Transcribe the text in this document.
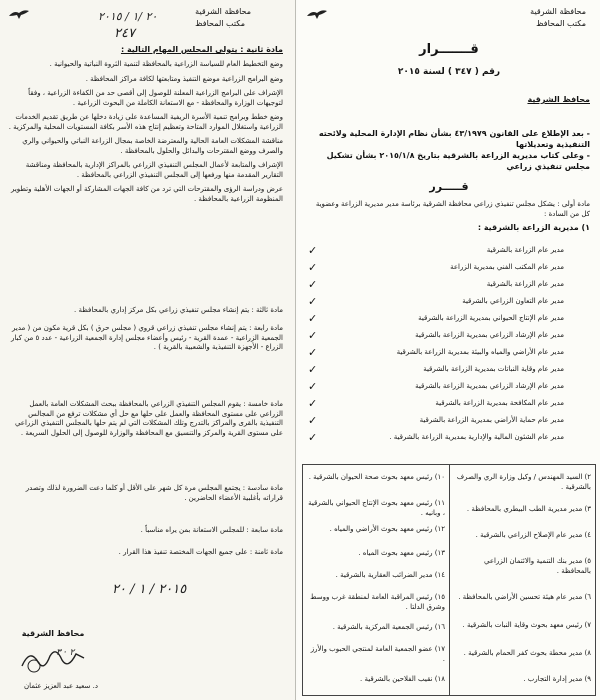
محافظة الشرقية
مكتب المحافظ
٢٠ /١ / ٢٠١٥
٢٤٧
مادة ثانية : يتولى المجلس المهام التالية :
وضع التخطيط العام للسياسة الزراعية بالمحافظة لتنمية الثروة النباتية والحيوانية .
وضع البرامج الزراعية موضع التنفيذ ومتابعتها لكافة مراكز المحافظة .
الإشراف على البرامج الزراعية المعلنة للوصول إلى أقصى حد من الكفاءة الزراعية ، وفقاً لتوجيهات الوزارة والمحافظة - مع الاستعانة الكاملة من البحوث الزراعية .
وضع خطط وبرامج تنمية الأسرة الريفية المساعدة على زيادة دخلها عن طريق تقديم الخدمات الزراعية واستغلال الموارد المتاحة وتعظيم إنتاج هذه الأسر بكافة المستويات المحلية والمركزية .
مناقشة المشكلات العامة الحالية والمعترضة الخاصة بمجال الزراعة النباتي والحيواني والري والصرف ووضع المقترحات والبدائل والحلول بالمحافظة .
الإشراف والمتابعة لأعمال المجلس التنفيذي الزراعي بالمراكز الإدارية بالمحافظة ومناقشة التقارير المقدمة منها ورفعها إلى المجلس التنفيذي الزراعي بالمحافظة .
عرض ودراسة الرؤى والمقترحات التي ترد من كافة الجهات المشاركة أو الجهات الأهلية وتطوير المنظومة الزراعية بالمحافظة .
مادة ثالثة : يتم إنشاء مجلس تنفيذي زراعي بكل مركز إداري بالمحافظة .
مادة رابعة : يتم إنشاء مجلس تنفيذي زراعي قروي ( مجلس حرق ) بكل قرية مكون من ( مدير الجمعية الزراعية - عمدة القرية - رئيس وأعضاء مجلس إدارة الجمعية الزراعية - عدد ٥ من كبار الزراع - الأجهزة التنفيذية والشعبية بالقرية ) .
مادة خامسة : يقوم المجلس التنفيذي الزراعي بالمحافظة ببحث المشكلات العامة بالعمل الزراعي على مستوى المحافظة والعمل على حلها مع حل أي مشكلات ترفع من المجالس التنفيذية بالقرى والمراكز بالتدرج وتلك المشكلات التي لم يتم حلها بالمجلس التنفيذي الزراعي على مستوى القرية والمركز والتنسيق مع المحافظة والوزارة للوصول إلى الحلول السريعة .
مادة سادسة : يجتمع المجلس مرة كل شهر على الأقل أو كلما دعت الضرورة لذلك وتصدر قراراته بأغلبية الأعضاء الحاضرين .
مادة سابعة : للمجلس الاستعانة بمن يراه مناسباً .
مادة ثامنة : على جميع الجهات المختصة تنفيذ هذا القرار .
٢٠١٥ / ١ / ٢٠
محافظ الشرقية
٢ · ٣
د. سعيد عبد العزيز عثمان
محافظة الشرقية
مكتب المحافظ
قـــــــرار
رقم ( ٣٤٧ ) لسنة ٢٠١٥
محافظ الشرقية
- بعد الإطلاع على القانون ٤٣/١٩٧٩ بشأن نظام الإدارة المحلية ولائحته التنفيذية وتعديلاتها
- وعلى كتاب مديرية الزراعة بالشرقية بتاريخ ٢٠١٥/١/٨ بشأن تشكيل مجلس تنفيذي زراعي
قـــــرر
مادة أولى : يشكل مجلس تنفيذي زراعي محافظة الشرقية برئاسة مدير مديرية الزراعة وعضوية كل من السادة :
١) مديرية الزراعة بالشرقية :
✓	مدير عام الزراعة بالشرقية
✓	مدير عام المكتب الفني بمديرية الزراعة
✓	مدير عام الزراعة بالشرقية
✓	مدير عام التعاون الزراعي بالشرقية
✓	مدير عام الإنتاج الحيواني بمديرية الزراعة بالشرقية
✓	مدير عام الإرشاد الزراعي بمديرية الزراعة بالشرقية
✓	مدير عام الأراضي والمياه والبيئة بمديرية الزراعة بالشرقية
✓	مدير عام وقاية النباتات بمديرية الزراعة بالشرقية
✓	مدير عام الإرشاد الزراعي بمديرية الزراعة بالشرقية
✓	مدير عام المكافحة بمديرية الزراعة بالشرقية
✓	مدير عام حماية الأراضي بمديرية الزراعة بالشرقية
✓	مدير عام الشئون المالية والإدارية بمديرية الزراعة بالشرقية .
٢) السيد المهندس / وكيل وزارة الري والصرف بالشرقية .
٣) مدير مديرية الطب البيطري بالمحافظة .
٤) مدير عام الإصلاح الزراعي بالشرقية .
٥) مدير بنك التنمية والائتمان الزراعي بالمحافظة .
٦) مدير عام هيئة تحسين الأراضي بالمحافظة .
٧) رئيس معهد بحوث وقاية النبات بالشرقية .
٨) مدير محطة بحوث كفر الحمام بالشرقية .
٩) مدير إدارة التجارب .
١٠) رئيس معهد بحوث صحة الحيوان بالشرقية .
١١) رئيس معهد بحوث الإنتاج الحيواني بالشرقية ، وبانيه .
١٢) رئيس معهد بحوث الأراضي والمياه .
١٣) رئيس معهد بحوث المياه .
١٤) مدير الضرائب العقارية بالشرقية .
١٥) رئيس المراقبة العامة لمنطقة غرب ووسط وشرق الدلتا .
١٦) رئيس الجمعية المركزية بالشرقية .
١٧) عضو الجمعية العامة لمنتجي الحبوب والأرز .
١٨) نقيب الفلاحين بالشرقية .
